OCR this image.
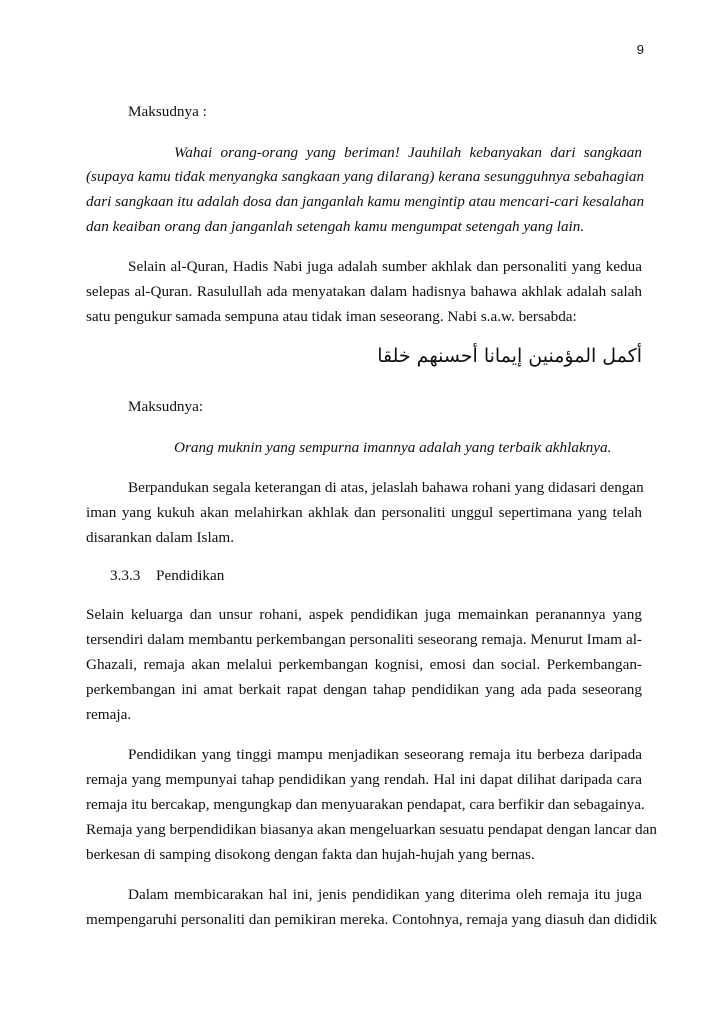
9
Maksudnya :
Wahai orang-orang yang beriman! Jauhilah kebanyakan dari sangkaan
(supaya kamu tidak menyangka sangkaan yang dilarang) kerana sesungguhnya sebahagian
dari sangkaan itu adalah dosa dan janganlah kamu mengintip atau mencari-cari kesalahan
dan keaiban orang dan janganlah setengah kamu mengumpat setengah yang lain.
Selain al-Quran, Hadis Nabi juga adalah sumber akhlak dan personaliti yang kedua
selepas al-Quran. Rasulullah ada menyatakan dalam hadisnya bahawa akhlak adalah salah
satu pengukur samada sempuna atau tidak iman seseorang. Nabi s.a.w. bersabda:
أكمل المؤمنين إيمانا أحسنهم خلقا
Maksudnya:
Orang muknin yang sempurna imannya adalah yang terbaik akhlaknya.
Berpandukan segala keterangan di atas, jelaslah bahawa rohani yang didasari dengan
iman yang kukuh akan melahirkan akhlak dan personaliti unggul sepertimana yang telah
disarankan dalam Islam.
3.3.3 Pendidikan
Selain keluarga dan unsur rohani, aspek pendidikan juga memainkan peranannya yang
tersendiri dalam membantu perkembangan personaliti seseorang remaja. Menurut Imam al-
Ghazali, remaja akan melalui perkembangan kognisi, emosi dan social. Perkembangan-
perkembangan ini amat berkait rapat dengan tahap pendidikan yang ada pada seseorang
remaja.
Pendidikan yang tinggi mampu menjadikan seseorang remaja itu berbeza daripada
remaja yang mempunyai tahap pendidikan yang rendah. Hal ini dapat dilihat daripada cara
remaja itu bercakap, mengungkap dan menyuarakan pendapat, cara berfikir dan sebagainya.
Remaja yang berpendidikan biasanya akan mengeluarkan sesuatu pendapat dengan lancar dan
berkesan di samping disokong dengan fakta dan hujah-hujah yang bernas.
Dalam membicarakan hal ini, jenis pendidikan yang diterima oleh remaja itu juga
mempengaruhi personaliti dan pemikiran mereka. Contohnya, remaja yang diasuh dan dididik
